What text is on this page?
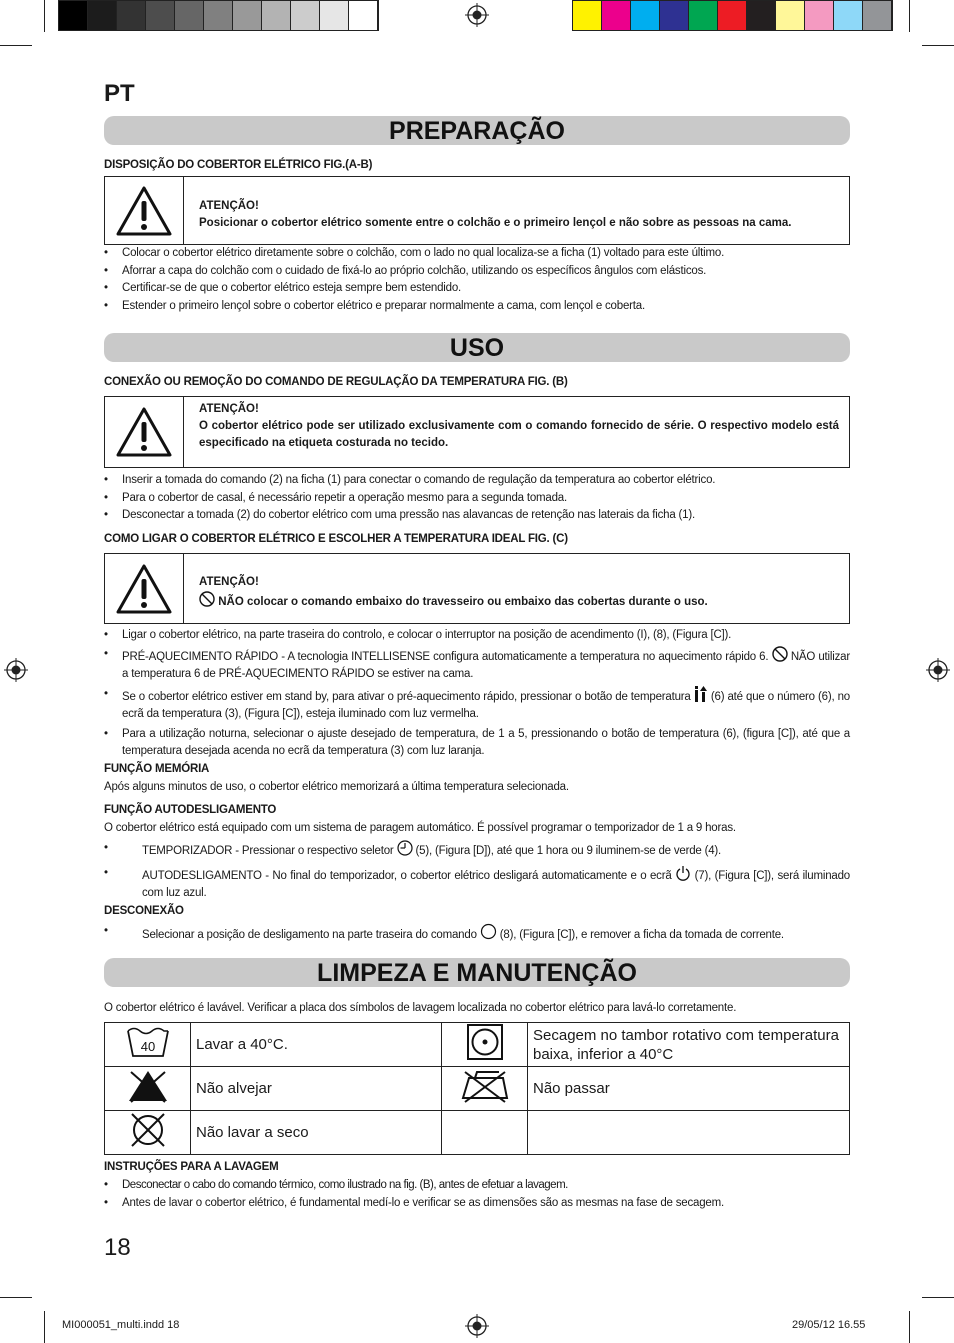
PT
PREPARAÇÃO
DISPOSIÇÃO DO COBERTOR ELÉTRICO FIG.(A-B)
ATENÇÃO!
Posicionar o cobertor elétrico somente entre o colchão e o primeiro lençol e não sobre as pessoas na cama.
• Colocar o cobertor elétrico diretamente sobre o colchão, com o lado no qual localiza-se a ficha (1) voltado para este último.
• Aforrar a capa do colchão com o cuidado de fixá-lo ao próprio colchão, utilizando os específicos ângulos com elásticos.
• Certificar-se de que o cobertor elétrico esteja sempre bem estendido.
• Estender o primeiro lençol sobre o cobertor elétrico e preparar normalmente a cama, com lençol e coberta.
USO
CONEXÃO OU REMOÇÃO DO COMANDO DE REGULAÇÃO DA TEMPERATURA FIG. (B)
ATENÇÃO!
O cobertor elétrico pode ser utilizado exclusivamente com o comando fornecido de série. O respectivo modelo está especificado na etiqueta costurada no tecido.
• Inserir a tomada do comando (2) na ficha (1) para conectar o comando de regulação da temperatura ao cobertor elétrico.
• Para o cobertor de casal, é necessário repetir a operação mesmo para a segunda tomada.
• Desconectar a tomada (2) do cobertor elétrico com uma pressão nas alavancas de retenção nas laterais da ficha (1).
COMO LIGAR O COBERTOR ELÉTRICO E ESCOLHER A TEMPERATURA IDEAL FIG. (C)
ATENÇÃO!
NÃO colocar o comando embaixo do travesseiro ou embaixo das cobertas durante o uso.
• Ligar o cobertor elétrico, na parte traseira do controlo, e colocar o interruptor na posição de acendimento (I), (8), (Figura [C]).
• PRÉ-AQUECIMENTO RÁPIDO - A tecnologia INTELLISENSE configura automaticamente a temperatura no aquecimento rápido 6. NÃO utilizar a temperatura 6 de PRÉ-AQUECIMENTO RÁPIDO se estiver na cama.
• Se o cobertor elétrico estiver em stand by, para ativar o pré-aquecimento rápido, pressionar o botão de temperatura (6) até que o número (6), no ecrã da temperatura (3), (Figura [C]), esteja iluminado com luz vermelha.
• Para a utilização noturna, selecionar o ajuste desejado de temperatura, de 1 a 5, pressionando o botão de temperatura (6), (figura [C]), até que a temperatura desejada acenda no ecrã da temperatura (3) com luz laranja.
FUNÇÃO MEMÓRIA
Após alguns minutos de uso, o cobertor elétrico memorizará a última temperatura selecionada.
FUNÇÃO AUTODESLIGAMENTO
O cobertor elétrico está equipado com um sistema de paragem automático. É possível programar o temporizador de 1 a 9 horas.
• TEMPORIZADOR - Pressionar o respectivo seletor (5), (Figura [D]), até que 1 hora ou 9 iluminem-se de verde (4).
• AUTODESLIGAMENTO - No final do temporizador, o cobertor elétrico desligará automaticamente e o ecrã (7), (Figura [C]), será iluminado com luz azul.
DESCONEXÃO
• Selecionar a posição de desligamento na parte traseira do comando (8), (Figura [C]), e remover a ficha da tomada de corrente.
LIMPEZA E MANUTENÇÃO
O cobertor elétrico é lavável. Verificar a placa dos símbolos de lavagem localizada no cobertor elétrico para lavá-lo corretamente.
40	Lavar a 40°C.		Secagem no tambor rotativo com temperatura baixa, inferior a 40°C
	Não alvejar		Não passar
	Não lavar a seco		
INSTRUÇÕES PARA A LAVAGEM
• Desconectar o cabo do comando térmico, como ilustrado na fig. (B), antes de efetuar a lavagem.
• Antes de lavar o cobertor elétrico, é fundamental medí-lo e verificar se as dimensões são as mesmas na fase de secagem.
18
MI000051_multi.indd 18	29/05/12 16.55
